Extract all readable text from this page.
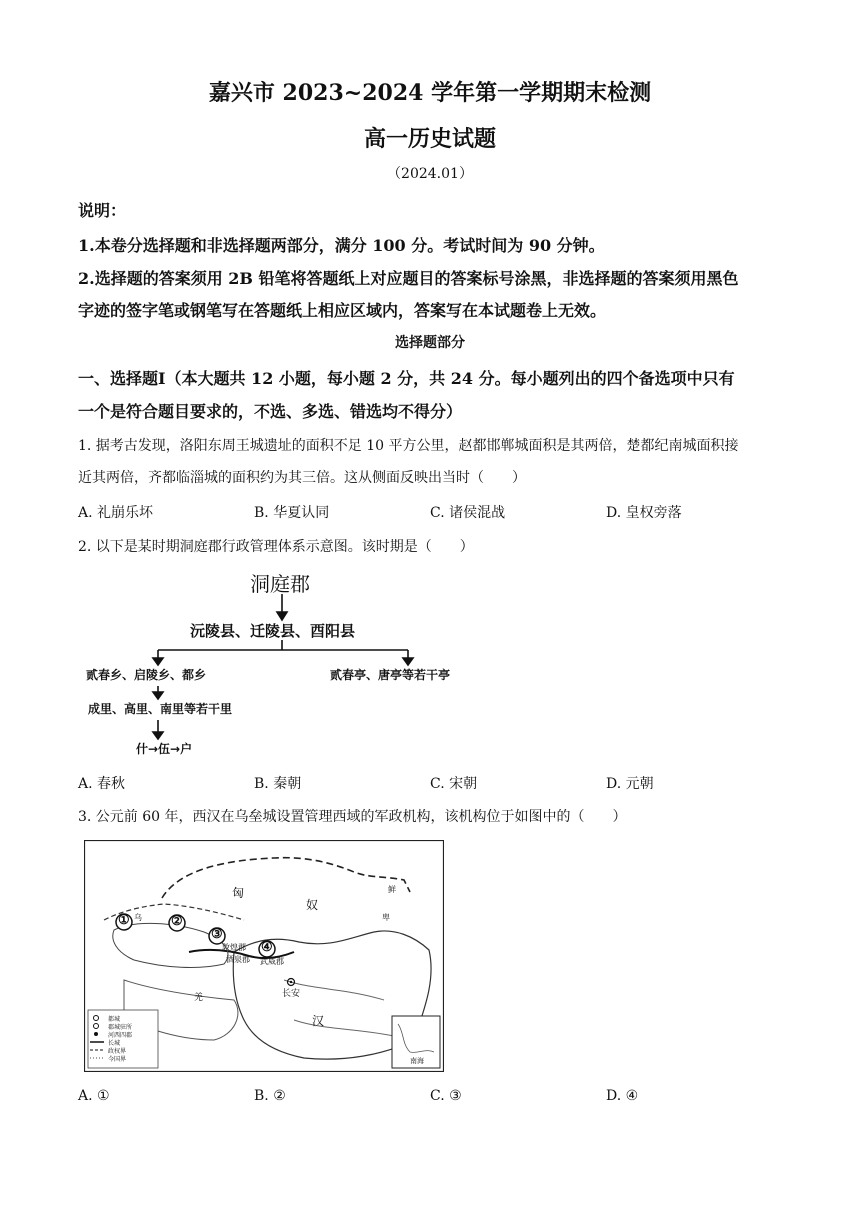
嘉兴市 2023~2024 学年第一学期期末检测
高一历史试题
（2024.01）
说明：
1.本卷分选择题和非选择题两部分，满分 100 分。考试时间为 90 分钟。
2.选择题的答案须用 2B 铅笔将答题纸上对应题目的答案标号涂黑，非选择题的答案须用黑色
字迹的签字笔或钢笔写在答题纸上相应区域内，答案写在本试题卷上无效。
选择题部分
一、选择题Ⅰ（本大题共 12 小题，每小题 2 分，共 24 分。每小题列出的四个备选项中只有
一个是符合题目要求的，不选、多选、错选均不得分）
1. 据考古发现，洛阳东周王城遗址的面积不足 10 平方公里，赵都邯郸城面积是其两倍，楚都纪南城面积接
近其两倍，齐都临淄城的面积约为其三倍。这从侧面反映出当时（　　）
A. 礼崩乐坏	B. 华夏认同	C. 诸侯混战	D. 皇权旁落
2. 以下是某时期洞庭郡行政管理体系示意图。该时期是（　　）
洞庭郡
沅陵县、迁陵县、酉阳县
贰春乡、启陵乡、都乡	贰春亭、唐亭等若干亭
成里、高里、南里等若干里
什→伍→户
A. 春秋	B. 秦朝	C. 宋朝	D. 元朝
3. 公元前 60 年，西汉在乌垒城设置管理西域的军政机构，该机构位于如图中的（　　）
①	②
③
④
匈
奴
乌
敦煌郡
酒泉郡 武威郡
长安
汉
羌
鲜
卑
南海
都城
郡城驻所
河西四郡
长城
政权界
今国界
A. ①	B. ②	C. ③	D. ④
